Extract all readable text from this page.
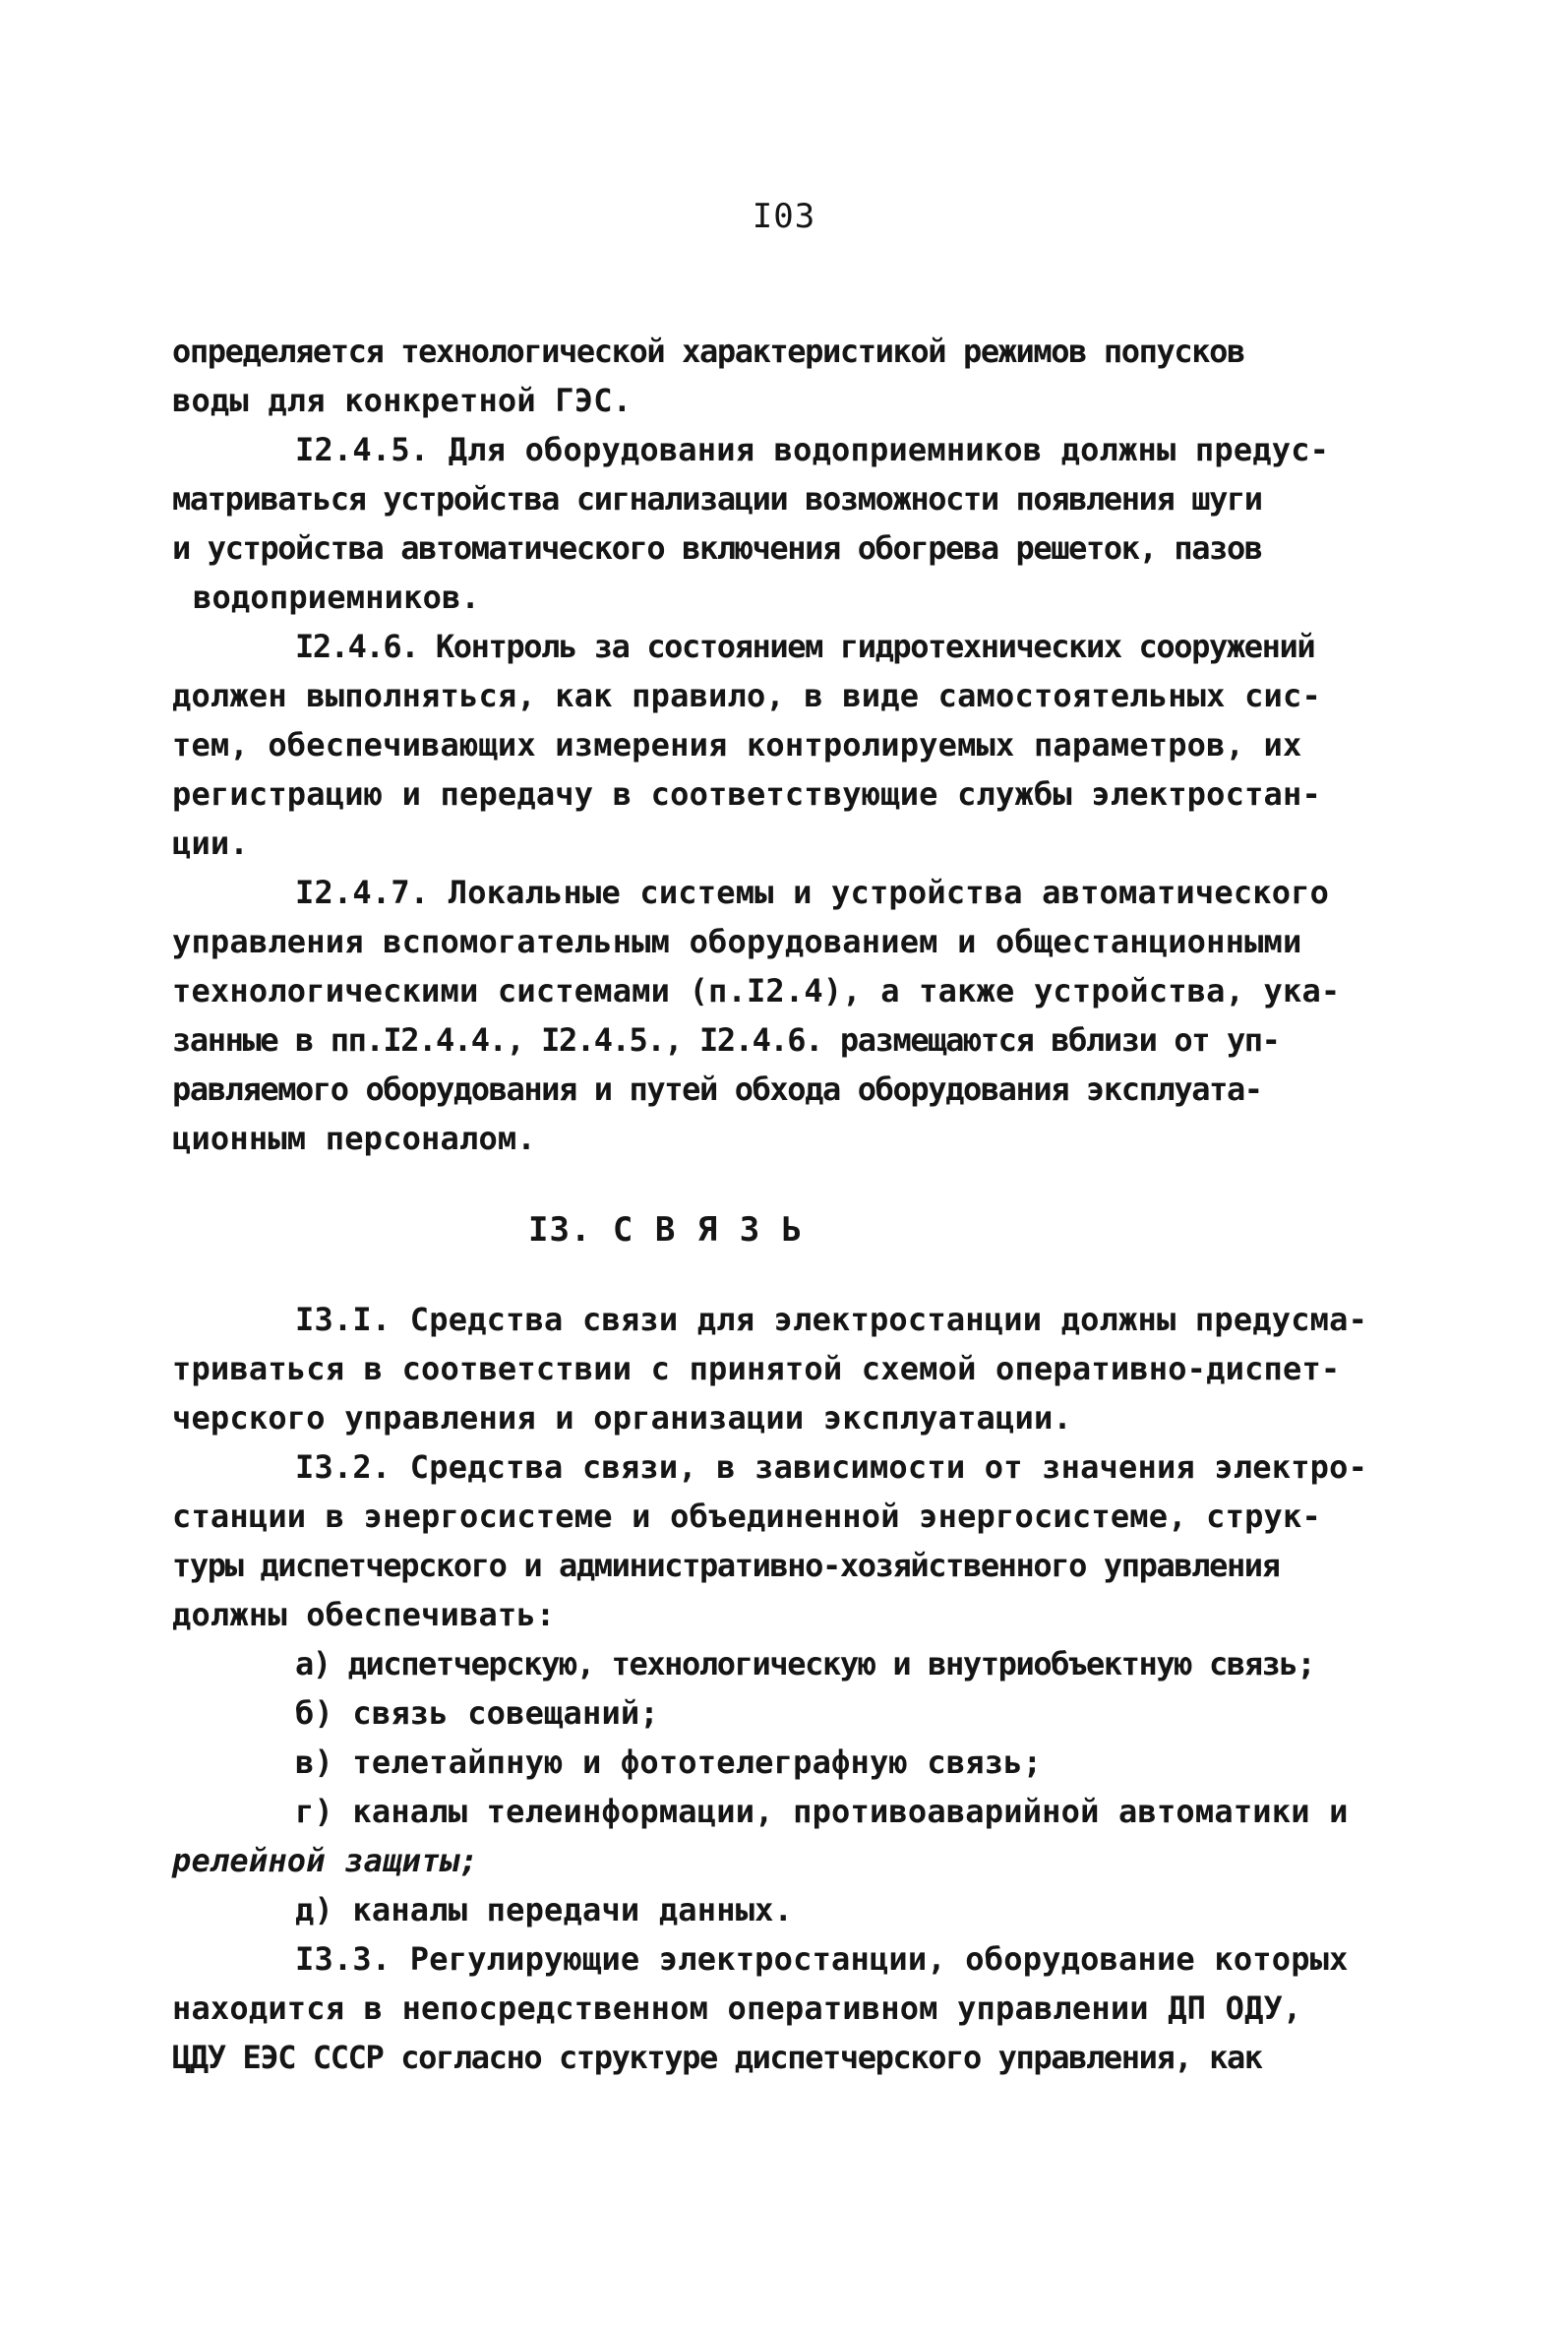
I03
определяется технологической характеристикой режимов попусков
воды для конкретной ГЭС.
I2.4.5. Для оборудования водоприемников должны предус-
матриваться устройства сигнализации возможности появления шуги
и устройства автоматического включения обогрева решеток, пазов
водоприемников.
I2.4.6. Контроль за состоянием гидротехнических сооружений
должен выполняться, как правило, в виде самостоятельных сис-
тем, обеспечивающих измерения контролируемых параметров, их
регистрацию и передачу в соответствующие службы электростан-
ции.
I2.4.7. Локальные системы и устройства автоматического
управления вспомогательным оборудованием и общестанционными
технологическими системами (п.I2.4), а также устройства, ука-
занные в пп.I2.4.4., I2.4.5., I2.4.6. размещаются вблизи от уп-
равляемого оборудования и путей обхода оборудования эксплуата-
ционным персоналом.
I3. С В Я З Ь
I3.I. Средства связи для электростанции должны предусма-
триваться в соответствии с принятой схемой оперативно-диспет-
черского управления и организации эксплуатации.
I3.2. Средства связи, в зависимости от значения электро-
станции в энергосистеме и объединенной энергосистеме, струк-
туры диспетчерского и административно-хозяйственного управления
должны обеспечивать:
а) диспетчерскую, технологическую и внутриобъектную связь;
б) связь совещаний;
в) телетайпную и фототелеграфную связь;
г) каналы телеинформации, противоаварийной автоматики и
релейной защиты;
д) каналы передачи данных.
I3.3. Регулирующие электростанции, оборудование которых
находится в непосредственном оперативном управлении ДП ОДУ,
ЦДУ ЕЭС СССР согласно структуре диспетчерского управления, как
